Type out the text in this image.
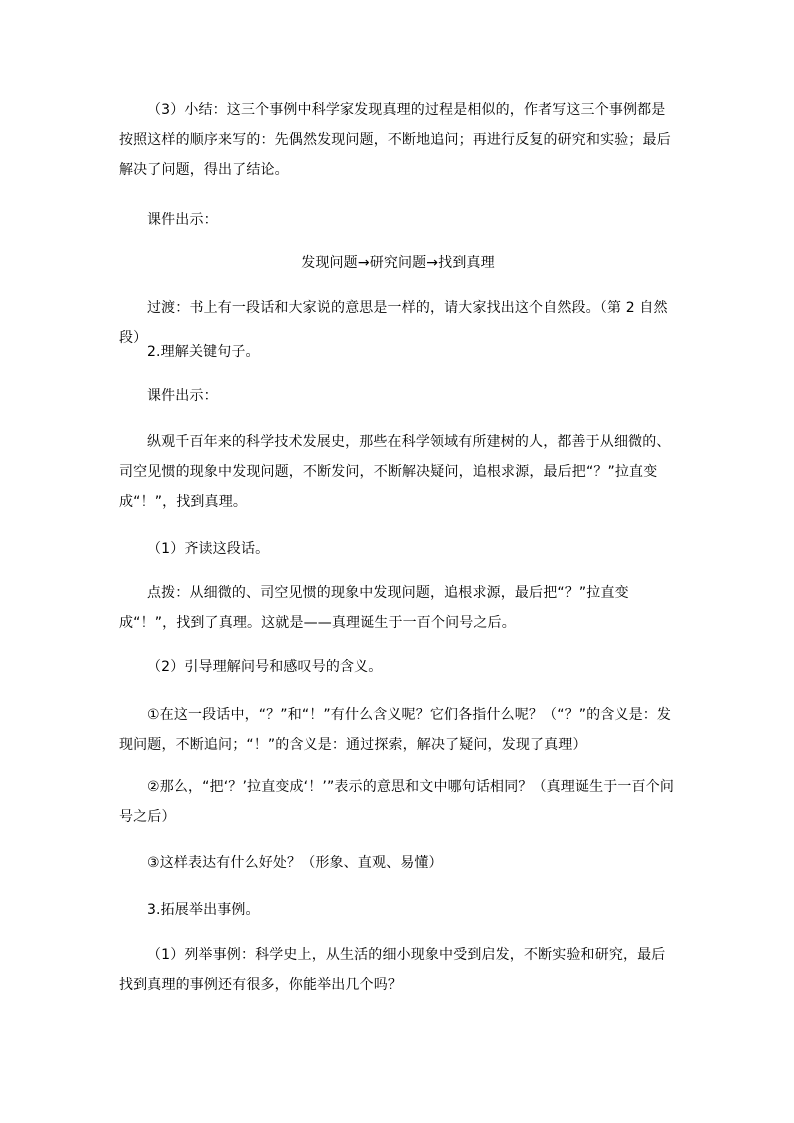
（3）小结：这三个事例中科学家发现真理的过程是相似的，作者写这三个事例都是按照这样的顺序来写的：先偶然发现问题，不断地追问；再进行反复的研究和实验；最后解决了问题，得出了结论。

课件出示：

发现问题→研究问题→找到真理

过渡：书上有一段话和大家说的意思是一样的，请大家找出这个自然段。（第 2 自然段）

2.理解关键句子。

课件出示：

纵观千百年来的科学技术发展史，那些在科学领域有所建树的人，都善于从细微的、司空见惯的现象中发现问题，不断发问，不断解决疑问，追根求源，最后把“？”拉直变成“！”，找到真理。

（1）齐读这段话。

点拨：从细微的、司空见惯的现象中发现问题，追根求源，最后把“？”拉直变成“！”，找到了真理。这就是——真理诞生于一百个问号之后。

（2）引导理解问号和感叹号的含义。

①在这一段话中，“？”和“！”有什么含义呢？它们各指什么呢？（“？”的含义是：发现问题，不断追问；“！”的含义是：通过探索，解决了疑问，发现了真理）

②那么，“把‘？’拉直变成‘！’”表示的意思和文中哪句话相同？（真理诞生于一百个问号之后）

③这样表达有什么好处？（形象、直观、易懂）

3.拓展举出事例。

（1）列举事例：科学史上，从生活的细小现象中受到启发，不断实验和研究，最后找到真理的事例还有很多，你能举出几个吗？
